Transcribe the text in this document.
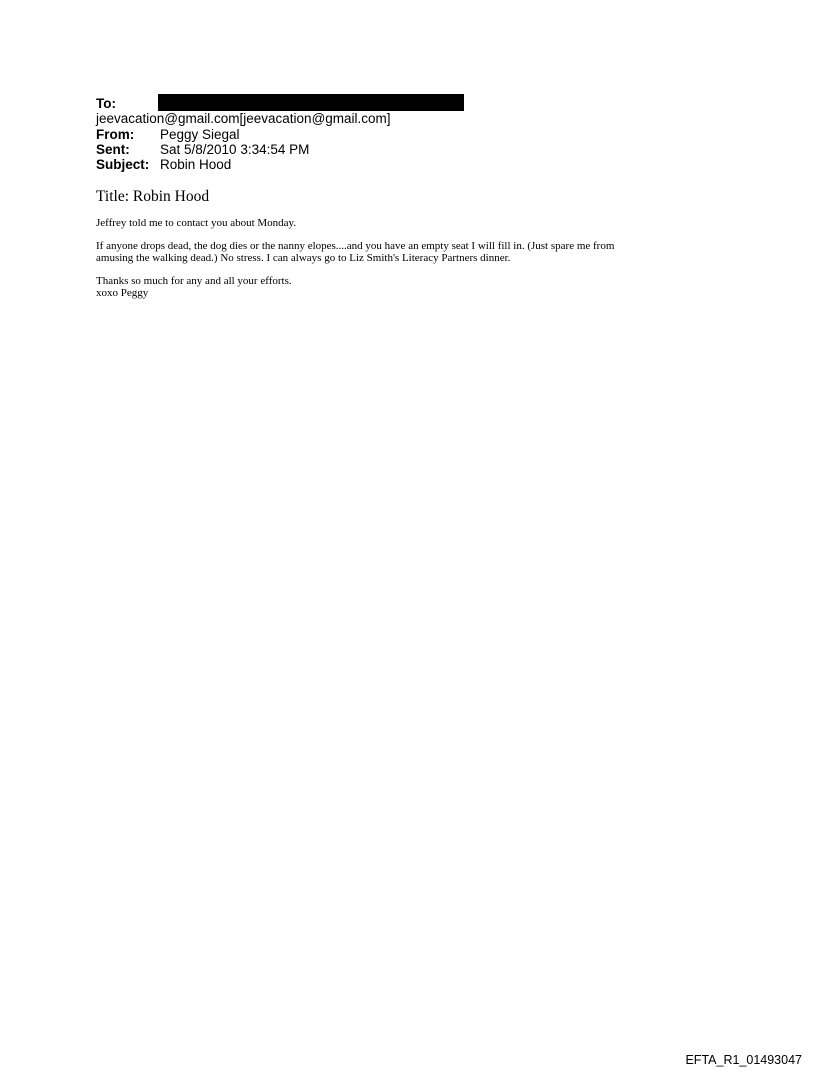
To:
jeevacation@gmail.com[jeevacation@gmail.com]
From:	Peggy Siegal
Sent:	Sat 5/8/2010 3:34:54 PM
Subject: Robin Hood
Title: Robin Hood
Jeffrey told me to contact you about Monday.
If anyone drops dead, the dog dies or the nanny elopes....and you have an empty seat I will fill in. (Just spare me from
amusing the walking dead.) No stress. I can always go to Liz Smith's Literacy Partners dinner.
Thanks so much for any and all your efforts.
xoxo Peggy
EFTA_R1_01493047
